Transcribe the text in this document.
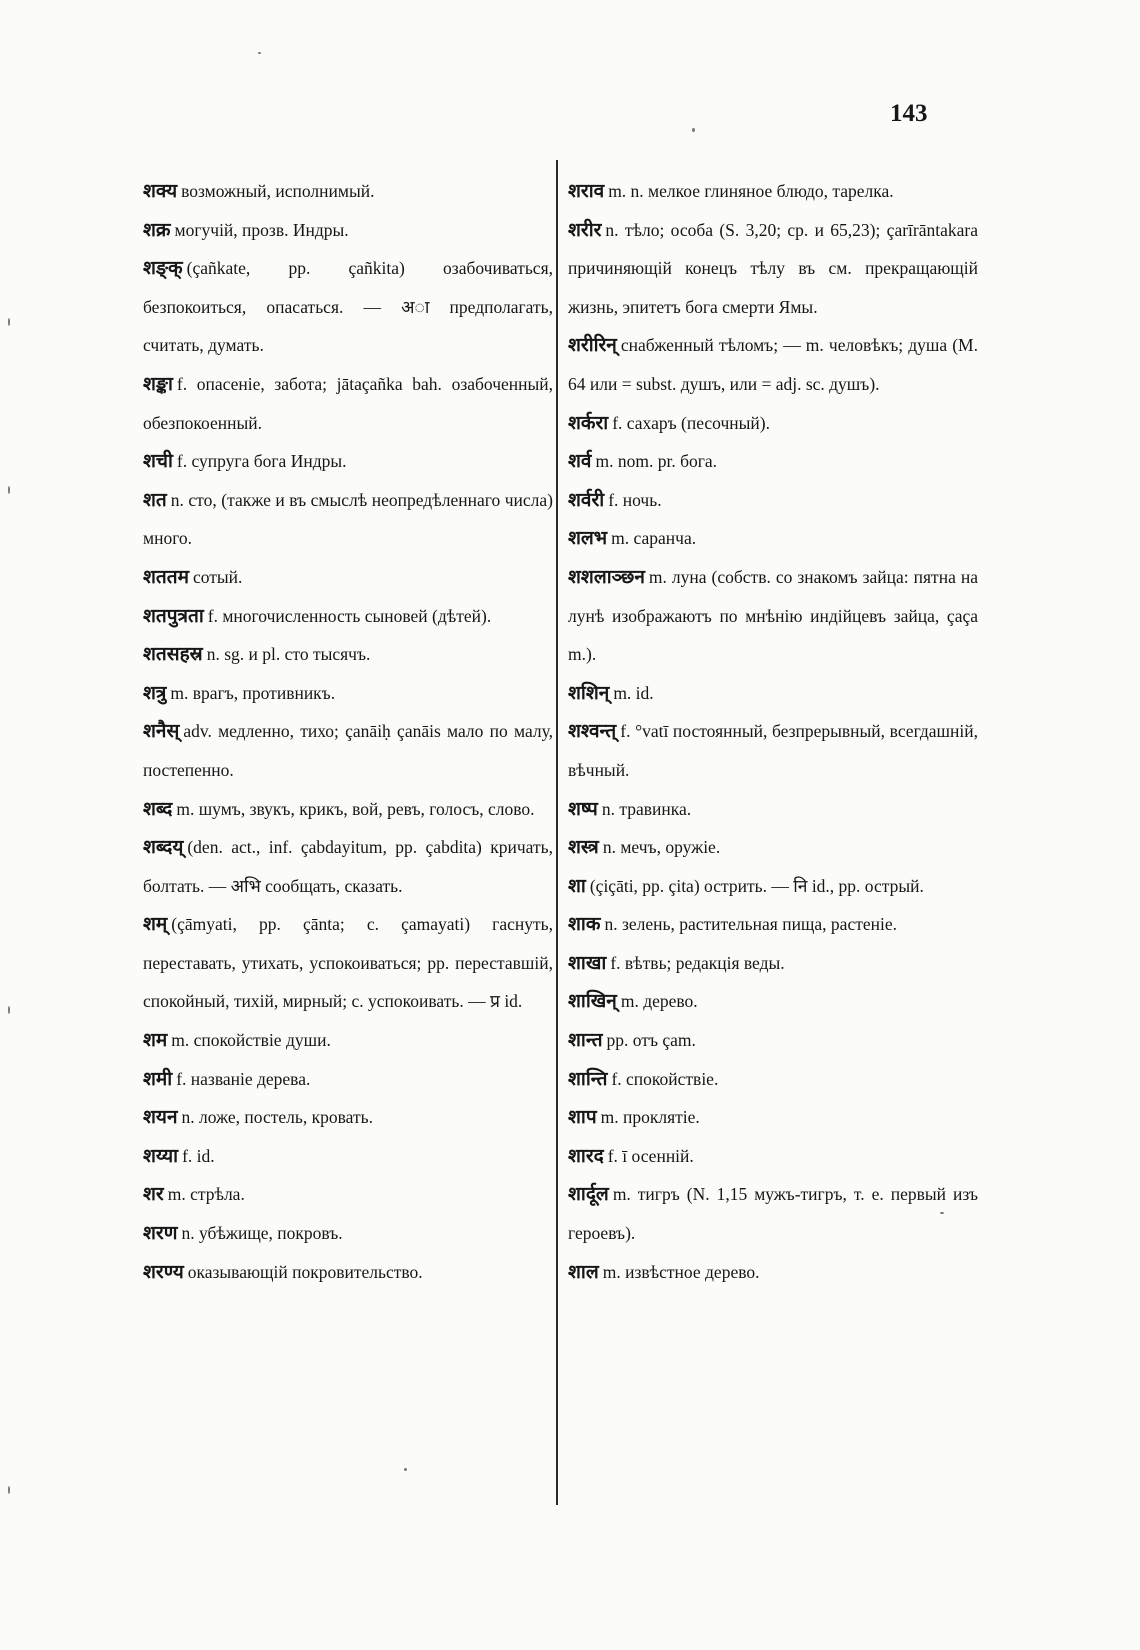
143

शक्य возможный, исполнимый.

शक्र могучій, прозв. Индры.

शङ्क् (çañkate, pp. çañkita) озабочиваться, безпокоиться, опасаться. — अा предполагать, считать, думать.

शङ्का f. опасеніе, забота; jātaçañka bah. озабоченный, обезпокоенный.

शची f. супруга бога Индры.

शत n. сто, (также и въ смыслѣ неопредѣленнаго числа) много.

शततम сотый.

शतपुत्रता f. многочисленность сыновей (дѣтей).

शतसहस्र n. sg. и pl. сто тысячъ.

शत्रु m. врагъ, противникъ.

शनैस् adv. медленно, тихо; çanāiḥ çanāis мало по малу, постепенно.

शब्द m. шумъ, звукъ, крикъ, вой, ревъ, голосъ, слово.

शब्दय् (den. act., inf. çabdayitum, pp. çabdita) кричать, болтать. — अभि сообщать, сказать.

शम् (çāmyati, pp. çānta; c. çamayati) гаснуть, переставать, утихать, успокоиваться; pp. переставшій, спокойный, тихій, мирный; c. успокоивать. — प्र id.

शम m. спокойствіе души.

शमी f. названіе дерева.

शयन n. ложе, постель, кровать.

शय्या f. id.

शर m. стрѣла.

शरण n. убѣжище, покровъ.

शरण्य оказывающій покровительство.

शराव m. n. мелкое глиняное блюдо, тарелка.

शरीर n. тѣло; особа (S. 3,20; ср. и 65,23); çarīrāntakara причиняющій конецъ тѣлу въ см. прекращающій жизнь, эпитетъ бога смерти Ямы.

शरीरिन् снабженный тѣломъ; — m. человѣкъ; душа (M. 64 или = subst. душъ, или = adj. sc. душъ).

शर्करा f. сахаръ (песочный).

शर्व m. nom. pr. бога.

शर्वरी f. ночь.

शलभ m. саранча.

शशलाञ्छन m. луна (собств. со знакомъ зайца: пятна на лунѣ изображаютъ по мнѣнію индійцевъ зайца, çaça m.).

शशिन् m. id.

शश्वन्त् f. °vatī постоянный, безпрерывный, всегдашній, вѣчный.

शष्प n. травинка.

शस्त्र n. мечъ, оружіе.

शा (çiçāti, pp. çita) острить. — नि id., pp. острый.

शाक n. зелень, растительная пища, растеніе.

शाखा f. вѣтвь; редакція веды.

शाखिन् m. дерево.

शान्त pp. отъ çam.

शान्ति f. спокойствіе.

शाप m. проклятіе.

शारद f. ī осенній.

शार्दूल m. тигръ (N. 1,15 мужъ-тигръ, т. е. первый изъ героевъ).

शाल m. извѣстное дерево.
